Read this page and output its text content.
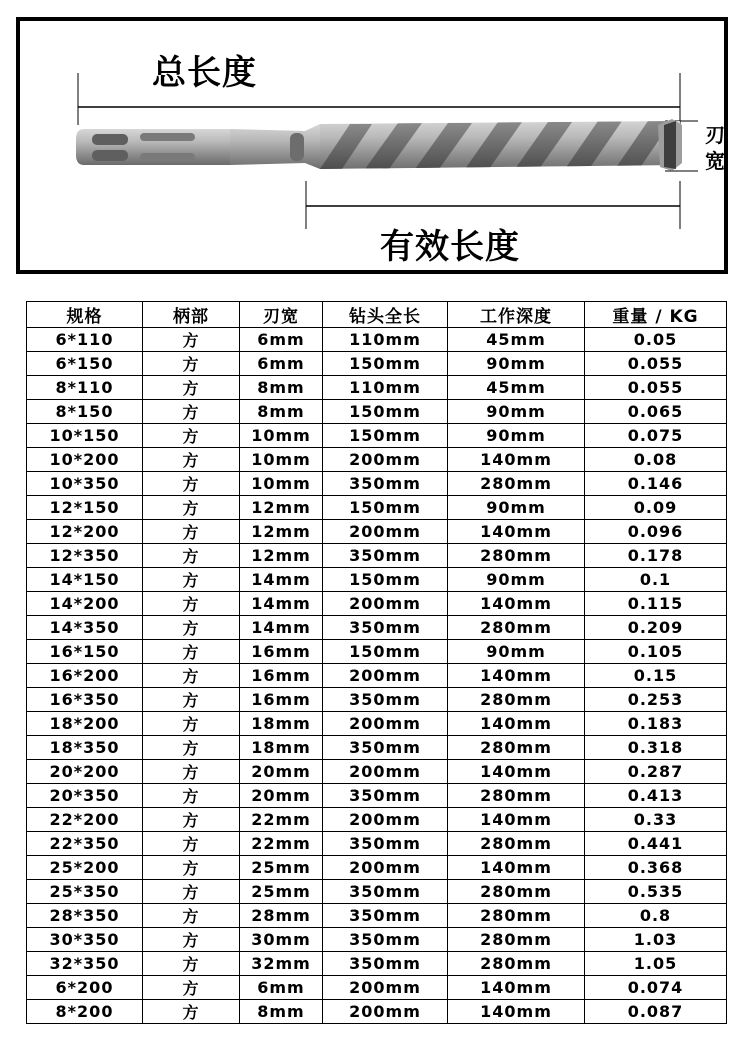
总长度
有效长度
刃宽
规格	柄部	刃宽	钻头全长	工作深度	重量 / KG
6*110	方	6mm	110mm	45mm	0.05
6*150	方	6mm	150mm	90mm	0.055
8*110	方	8mm	110mm	45mm	0.055
8*150	方	8mm	150mm	90mm	0.065
10*150	方	10mm	150mm	90mm	0.075
10*200	方	10mm	200mm	140mm	0.08
10*350	方	10mm	350mm	280mm	0.146
12*150	方	12mm	150mm	90mm	0.09
12*200	方	12mm	200mm	140mm	0.096
12*350	方	12mm	350mm	280mm	0.178
14*150	方	14mm	150mm	90mm	0.1
14*200	方	14mm	200mm	140mm	0.115
14*350	方	14mm	350mm	280mm	0.209
16*150	方	16mm	150mm	90mm	0.105
16*200	方	16mm	200mm	140mm	0.15
16*350	方	16mm	350mm	280mm	0.253
18*200	方	18mm	200mm	140mm	0.183
18*350	方	18mm	350mm	280mm	0.318
20*200	方	20mm	200mm	140mm	0.287
20*350	方	20mm	350mm	280mm	0.413
22*200	方	22mm	200mm	140mm	0.33
22*350	方	22mm	350mm	280mm	0.441
25*200	方	25mm	200mm	140mm	0.368
25*350	方	25mm	350mm	280mm	0.535
28*350	方	28mm	350mm	280mm	0.8
30*350	方	30mm	350mm	280mm	1.03
32*350	方	32mm	350mm	280mm	1.05
6*200	方	6mm	200mm	140mm	0.074
8*200	方	8mm	200mm	140mm	0.087
